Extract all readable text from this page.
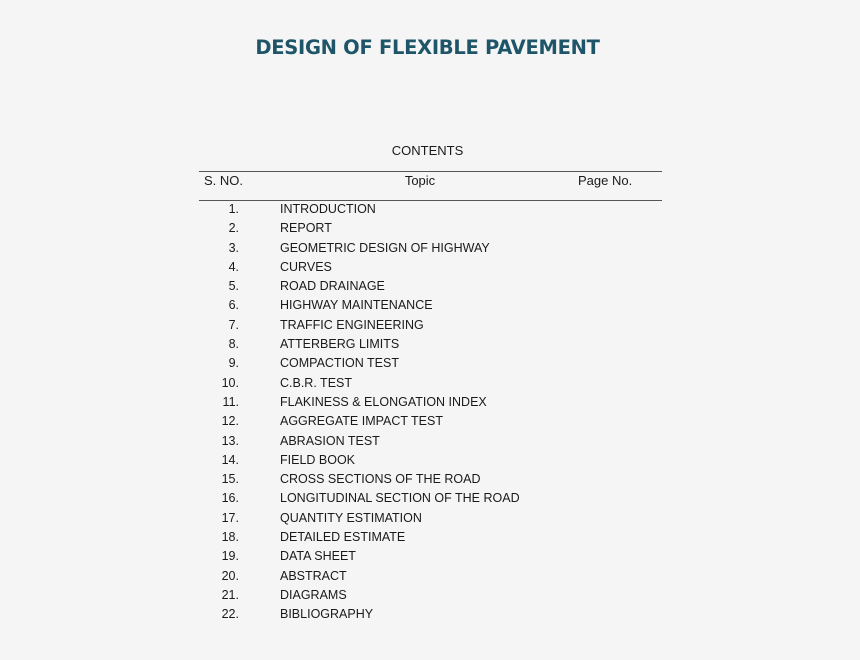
DESIGN OF FLEXIBLE PAVEMENT
CONTENTS
S. NO.	Topic	Page No.
1.	INTRODUCTION
2.	REPORT
3.	GEOMETRIC DESIGN OF HIGHWAY
4.	CURVES
5.	ROAD DRAINAGE
6.	HIGHWAY MAINTENANCE
7.	TRAFFIC ENGINEERING
8.	ATTERBERG LIMITS
9.	COMPACTION TEST
10.	C.B.R. TEST
11.	FLAKINESS & ELONGATION INDEX
12.	AGGREGATE IMPACT TEST
13.	ABRASION TEST
14.	FIELD BOOK
15.	CROSS SECTIONS OF THE ROAD
16.	LONGITUDINAL SECTION OF THE ROAD
17.	QUANTITY ESTIMATION
18.	DETAILED ESTIMATE
19.	DATA SHEET
20.	ABSTRACT
21.	DIAGRAMS
22.	BIBLIOGRAPHY
